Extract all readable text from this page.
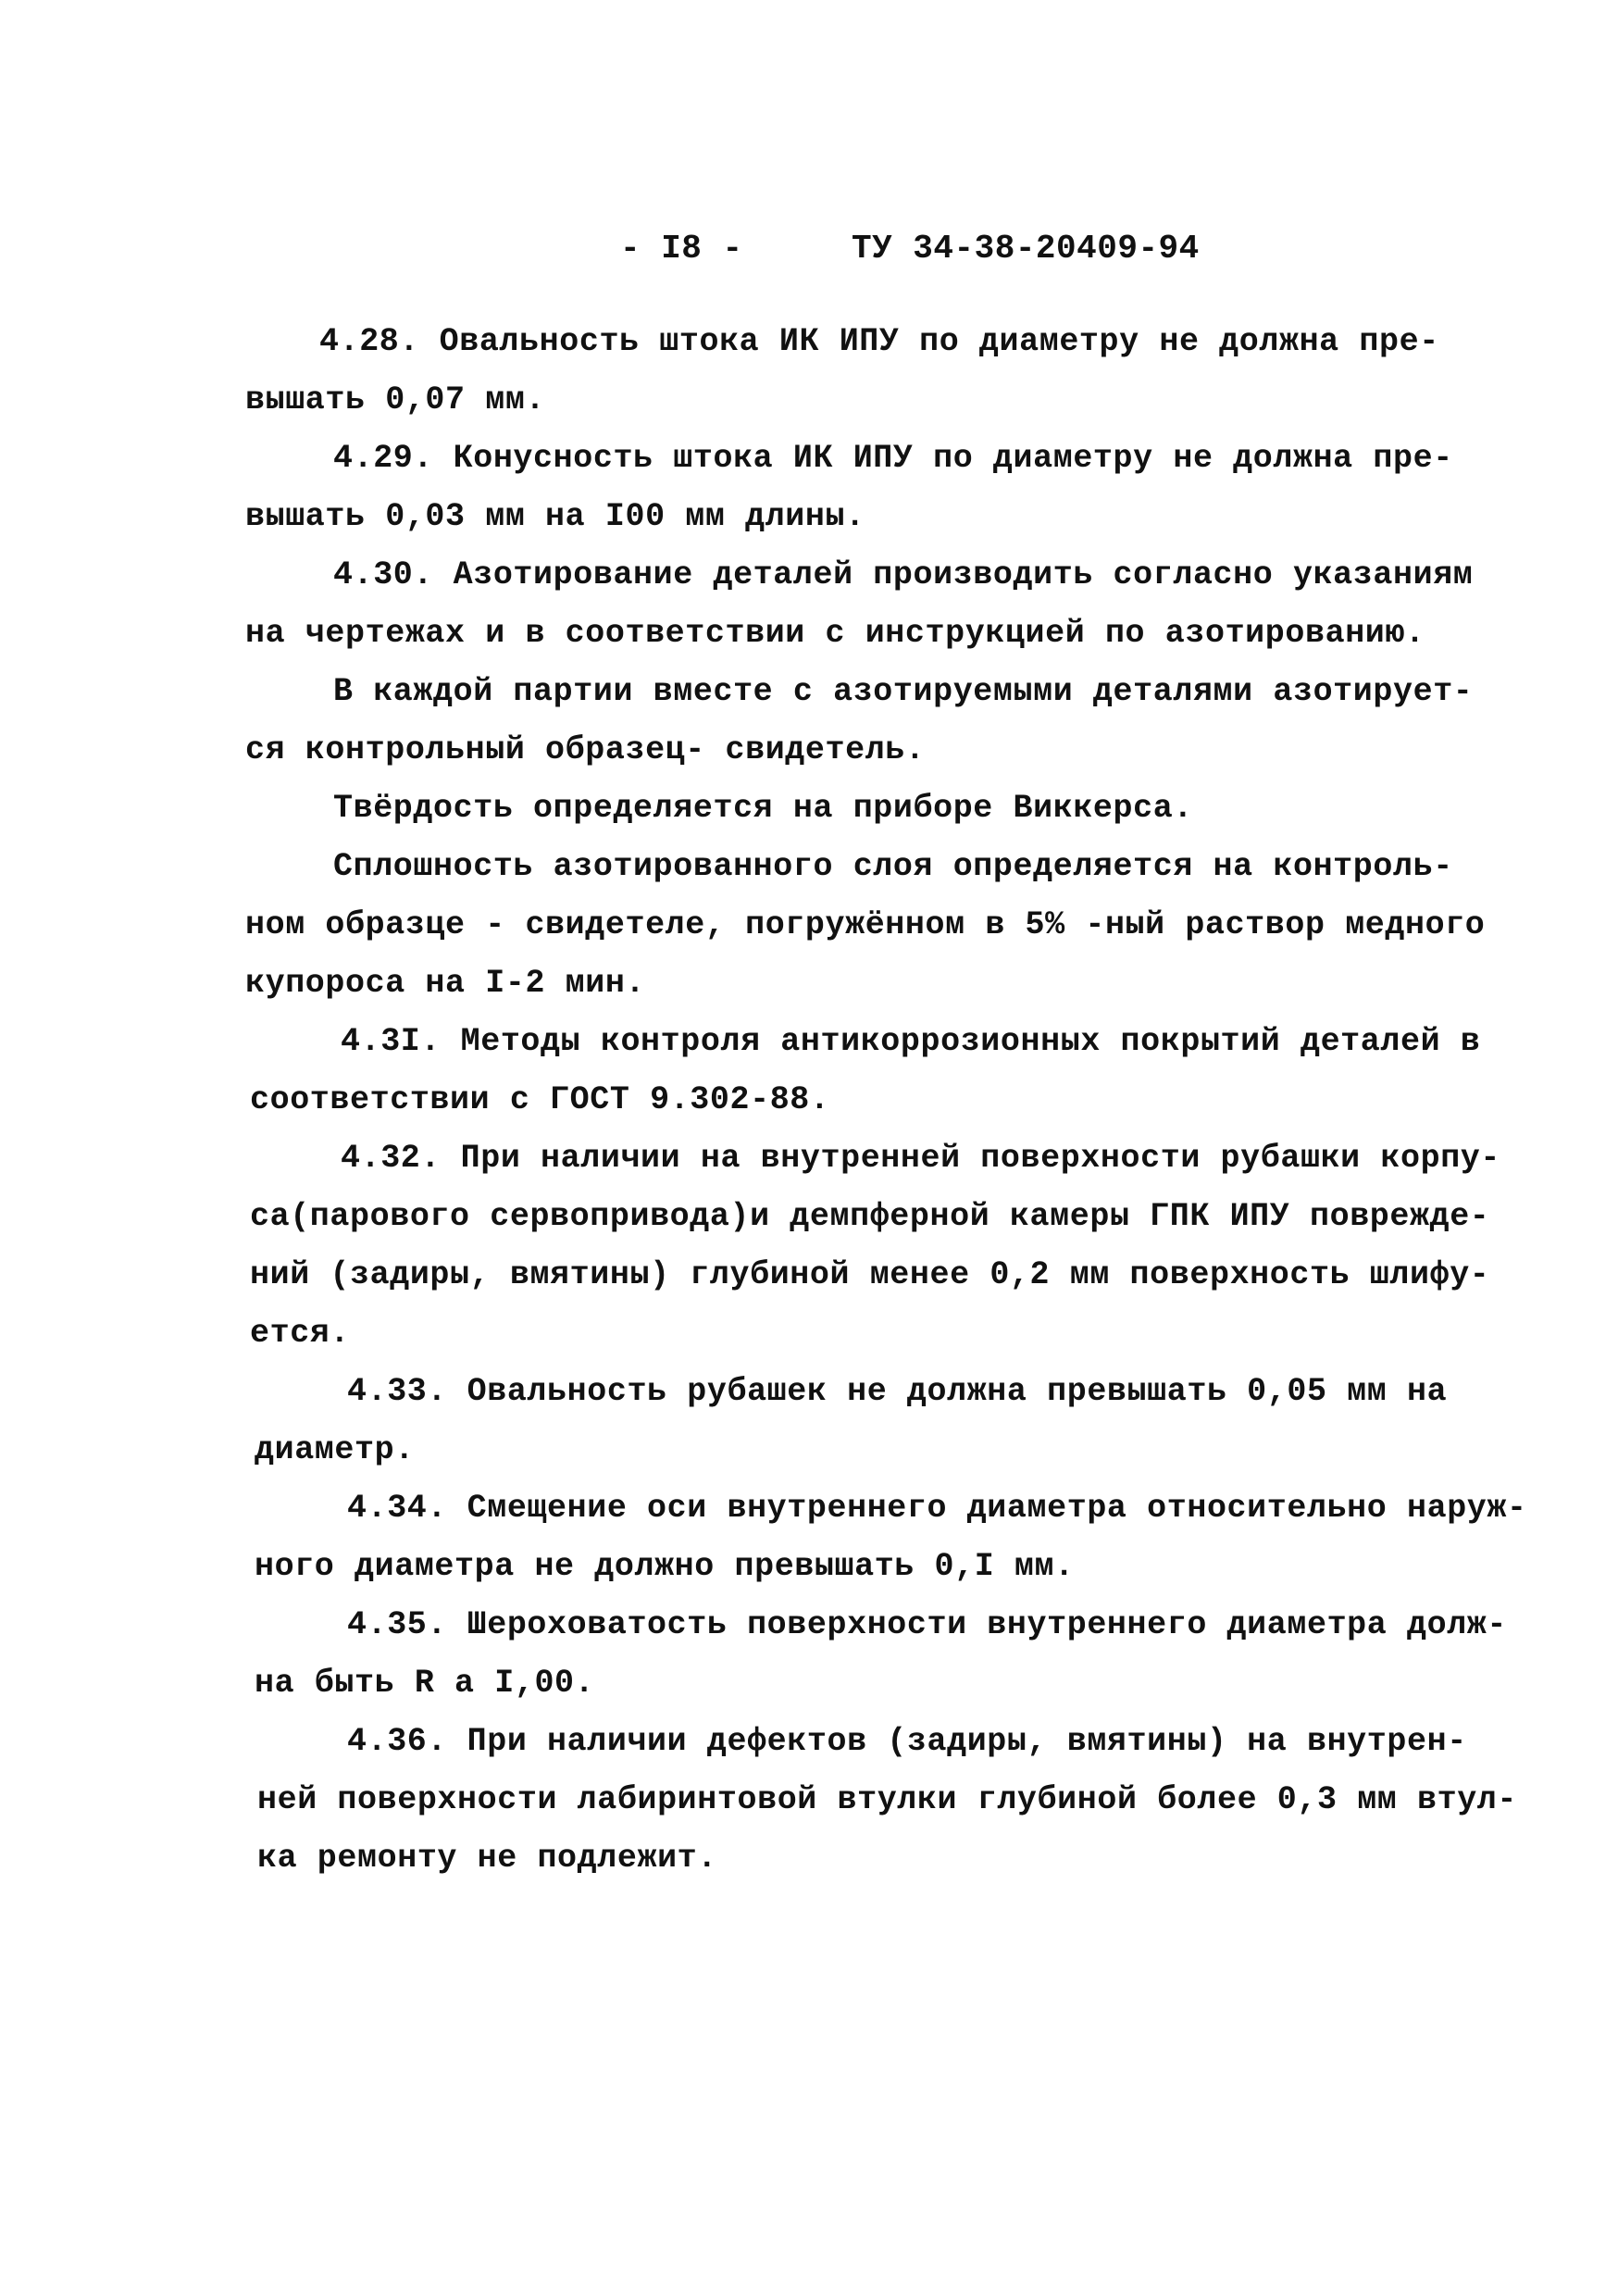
- I8 -	ТУ 34-38-20409-94
4.28. Овальность штока ИК ИПУ по диаметру не должна пре-
вышать 0,07 мм.
4.29. Конусность штока ИК ИПУ по диаметру не должна пре-
вышать 0,03 мм на I00 мм длины.
4.30. Азотирование деталей производить согласно указаниям
на чертежах и в соответствии с инструкцией по азотированию.
В каждой партии вместе с азотируемыми деталями азотирует-
ся контрольный образец- свидетель.
Твёрдость определяется на приборе Виккерса.
Сплошность азотированного слоя определяется на контроль-
ном образце - свидетеле, погружённом в 5% -ный раствор медного
купороса на I-2 мин.
4.3I. Методы контроля антикоррозионных покрытий деталей в
соответствии с ГОСТ 9.302-88.
4.32. При наличии на внутренней поверхности рубашки корпу-
са(парового сервопривода)и демпферной камеры ГПК ИПУ поврежде-
ний (задиры, вмятины) глубиной менее 0,2 мм поверхность шлифу-
ется.
4.33. Овальность рубашек не должна превышать 0,05 мм на
диаметр.
4.34. Смещение оси внутреннего диаметра относительно наруж-
ного диаметра не должно превышать 0,I мм.
4.35. Шероховатость поверхности внутреннего диаметра долж-
на быть R а I,00.
4.36. При наличии дефектов (задиры, вмятины) на внутрен-
ней поверхности лабиринтовой втулки глубиной более 0,3 мм втул-
ка ремонту не подлежит.
